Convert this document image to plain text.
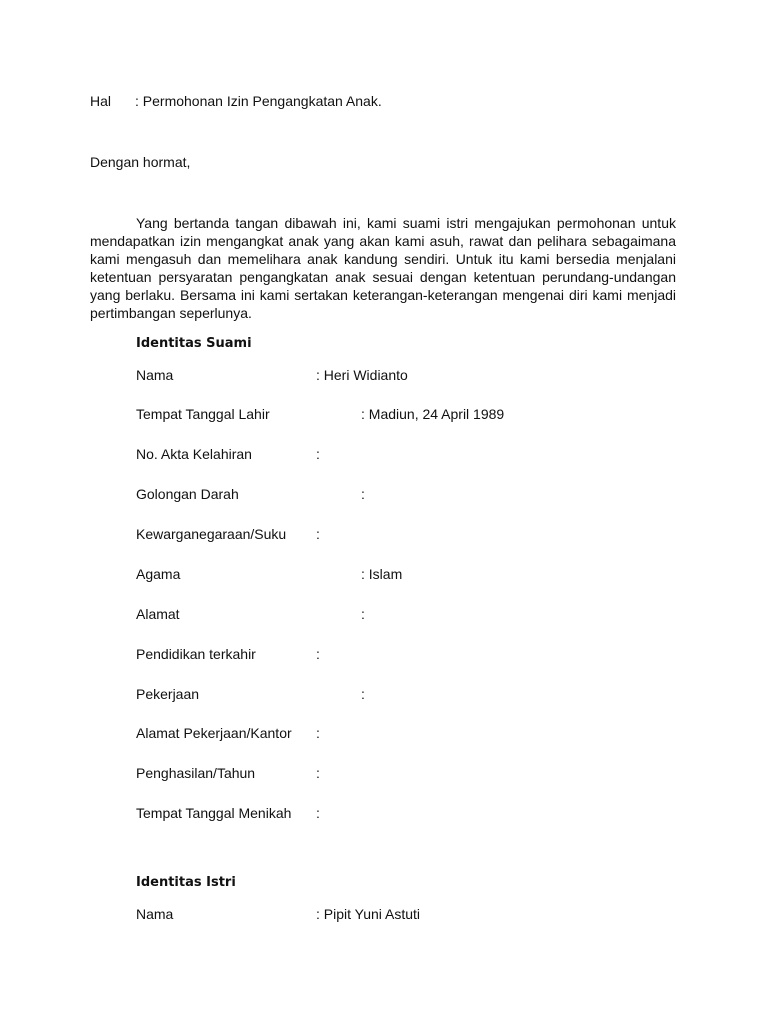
Hal : Permohonan Izin Pengangkatan Anak.
Dengan hormat,
Yang bertanda tangan dibawah ini, kami suami istri mengajukan permohonan untuk mendapatkan izin mengangkat anak yang akan kami asuh, rawat dan pelihara sebagaimana kami mengasuh dan memelihara anak kandung sendiri. Untuk itu kami bersedia menjalani ketentuan persyaratan pengangkatan anak sesuai dengan ketentuan perundang-undangan yang berlaku. Bersama ini kami sertakan keterangan-keterangan mengenai diri kami menjadi pertimbangan seperlunya.
Identitas Suami
Nama	: Heri Widianto
Tempat Tanggal Lahir	: Madiun, 24 April 1989
No. Akta Kelahiran	:
Golongan Darah	:
Kewarganegaraan/Suku :
Agama	: Islam
Alamat	:
Pendidikan terkahir	:
Pekerjaan	:
Alamat Pekerjaan/Kantor :
Penghasilan/Tahun	:
Tempat Tanggal Menikah :
Identitas Istri
Nama	: Pipit Yuni Astuti
